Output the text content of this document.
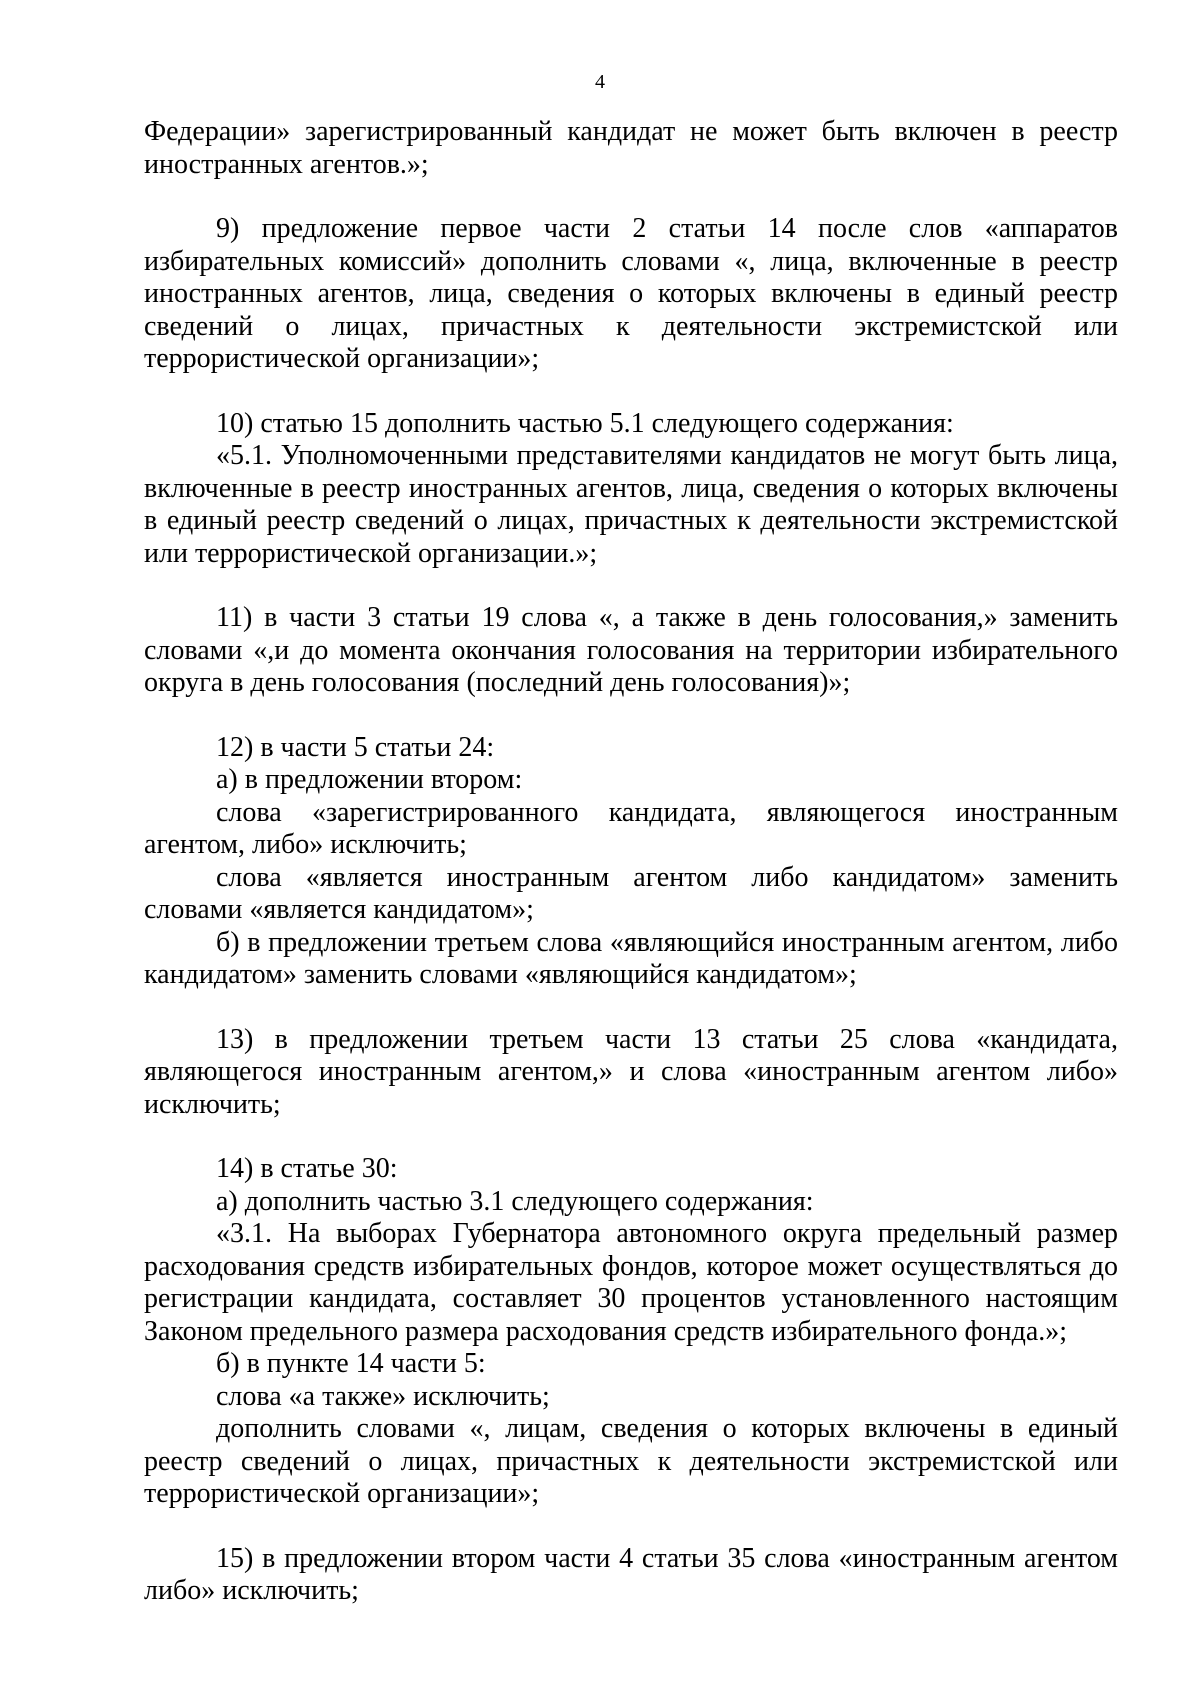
4

Федерации» зарегистрированный кандидат не может быть включен в реестр иностранных агентов.»;

9) предложение первое части 2 статьи 14 после слов «аппаратов избирательных комиссий» дополнить словами «, лица, включенные в реестр иностранных агентов, лица, сведения о которых включены в единый реестр сведений о лицах, причастных к деятельности экстремистской или террористической организации»;

10) статью 15 дополнить частью 5.1 следующего содержания:

«5.1. Уполномоченными представителями кандидатов не могут быть лица, включенные в реестр иностранных агентов, лица, сведения о которых включены в единый реестр сведений о лицах, причастных к деятельности экстремистской или террористической организации.»;

11) в части 3 статьи 19 слова «, а также в день голосования,» заменить словами «,и до момента окончания голосования на территории избирательного округа в день голосования (последний день голосования)»;

12) в части 5 статьи 24:

а) в предложении втором:

слова «зарегистрированного кандидата, являющегося иностранным агентом, либо» исключить;

слова «является иностранным агентом либо кандидатом» заменить словами «является кандидатом»;

б) в предложении третьем слова «являющийся иностранным агентом, либо кандидатом» заменить словами «являющийся кандидатом»;

13) в предложении третьем части 13 статьи 25 слова «кандидата, являющегося иностранным агентом,» и слова «иностранным агентом либо» исключить;

14) в статье 30:

а) дополнить частью 3.1 следующего содержания:

«3.1. На выборах Губернатора автономного округа предельный размер расходования средств избирательных фондов, которое может осуществляться до регистрации кандидата, составляет 30 процентов установленного настоящим Законом предельного размера расходования средств избирательного фонда.»;

б) в пункте 14 части 5:

слова «а также» исключить;

дополнить словами «, лицам, сведения о которых включены в единый реестр сведений о лицах, причастных к деятельности экстремистской или террористической организации»;

15) в предложении втором части 4 статьи 35 слова «иностранным агентом либо» исключить;
